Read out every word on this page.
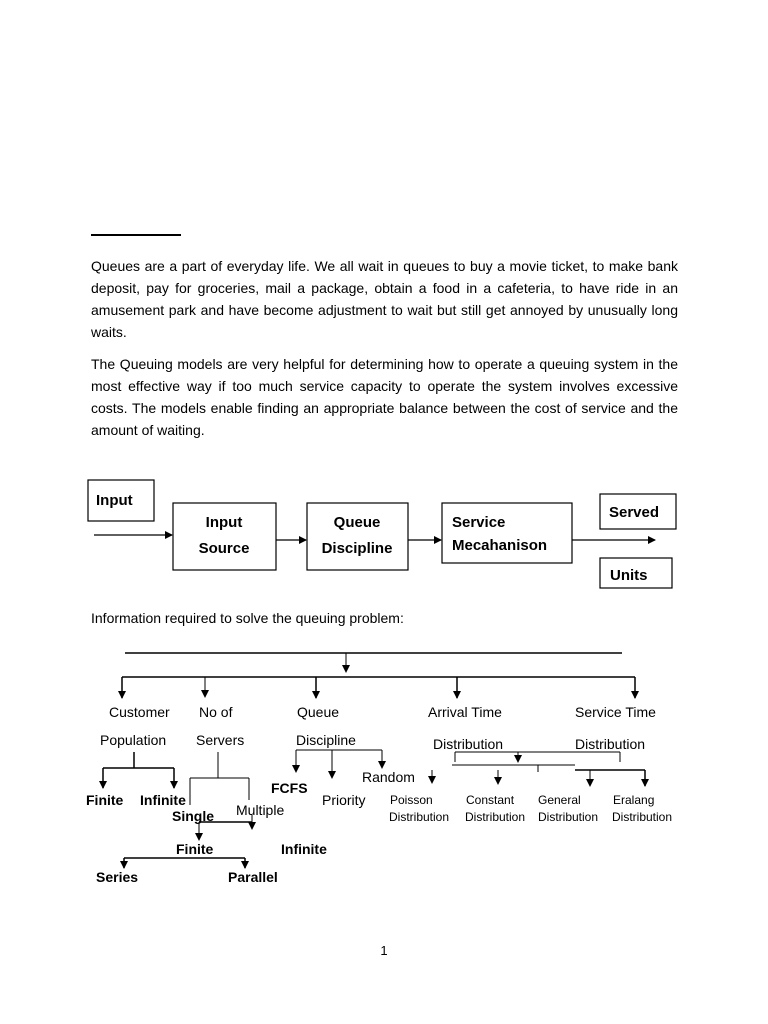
Queues are a part of everyday life. We all wait in queues to buy a movie ticket, to make bank deposit, pay for groceries, mail a package, obtain a food in a cafeteria, to have ride in an amusement park and have become adjustment to wait but still get annoyed by unusually long waits.

The Queuing models are very helpful for determining how to operate a queuing system in the most effective way if too much service capacity to operate the system involves excessive costs. The models enable finding an appropriate balance between the cost of service and the amount of waiting.

Input
Input
Source
Queue
Discipline
Service
Mecahanison
Served
Units
Customer
Population
No of
Servers
Queue
Discipline
Arrival Time
Distribution
Service Time
Distribution
Finite Infinite
Single Multiple
FCFS
Priority
Random
Poisson
Distribution
Constant
Distribution
General
Distribution
Eralang
Distribution
Finite	Infinite
Series	Parallel

Information required to solve the queuing problem:

1
